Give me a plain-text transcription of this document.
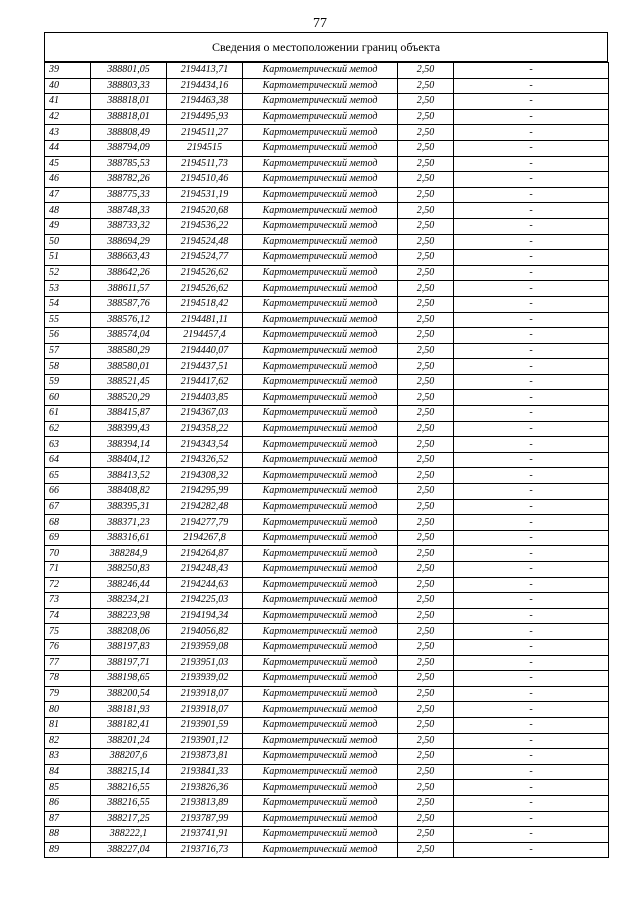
77
Сведения о местоположении границ объекта
39	388801,05	2194413,71	Картометрический метод	2,50	-
40	388803,33	2194434,16	Картометрический метод	2,50	-
41	388818,01	2194463,38	Картометрический метод	2,50	-
42	388818,01	2194495,93	Картометрический метод	2,50	-
43	388808,49	2194511,27	Картометрический метод	2,50	-
44	388794,09	2194515	Картометрический метод	2,50	-
45	388785,53	2194511,73	Картометрический метод	2,50	-
46	388782,26	2194510,46	Картометрический метод	2,50	-
47	388775,33	2194531,19	Картометрический метод	2,50	-
48	388748,33	2194520,68	Картометрический метод	2,50	-
49	388733,32	2194536,22	Картометрический метод	2,50	-
50	388694,29	2194524,48	Картометрический метод	2,50	-
51	388663,43	2194524,77	Картометрический метод	2,50	-
52	388642,26	2194526,62	Картометрический метод	2,50	-
53	388611,57	2194526,62	Картометрический метод	2,50	-
54	388587,76	2194518,42	Картометрический метод	2,50	-
55	388576,12	2194481,11	Картометрический метод	2,50	-
56	388574,04	2194457,4	Картометрический метод	2,50	-
57	388580,29	2194440,07	Картометрический метод	2,50	-
58	388580,01	2194437,51	Картометрический метод	2,50	-
59	388521,45	2194417,62	Картометрический метод	2,50	-
60	388520,29	2194403,85	Картометрический метод	2,50	-
61	388415,87	2194367,03	Картометрический метод	2,50	-
62	388399,43	2194358,22	Картометрический метод	2,50	-
63	388394,14	2194343,54	Картометрический метод	2,50	-
64	388404,12	2194326,52	Картометрический метод	2,50	-
65	388413,52	2194308,32	Картометрический метод	2,50	-
66	388408,82	2194295,99	Картометрический метод	2,50	-
67	388395,31	2194282,48	Картометрический метод	2,50	-
68	388371,23	2194277,79	Картометрический метод	2,50	-
69	388316,61	2194267,8	Картометрический метод	2,50	-
70	388284,9	2194264,87	Картометрический метод	2,50	-
71	388250,83	2194248,43	Картометрический метод	2,50	-
72	388246,44	2194244,63	Картометрический метод	2,50	-
73	388234,21	2194225,03	Картометрический метод	2,50	-
74	388223,98	2194194,34	Картометрический метод	2,50	-
75	388208,06	2194056,82	Картометрический метод	2,50	-
76	388197,83	2193959,08	Картометрический метод	2,50	-
77	388197,71	2193951,03	Картометрический метод	2,50	-
78	388198,65	2193939,02	Картометрический метод	2,50	-
79	388200,54	2193918,07	Картометрический метод	2,50	-
80	388181,93	2193918,07	Картометрический метод	2,50	-
81	388182,41	2193901,59	Картометрический метод	2,50	-
82	388201,24	2193901,12	Картометрический метод	2,50	-
83	388207,6	2193873,81	Картометрический метод	2,50	-
84	388215,14	2193841,33	Картометрический метод	2,50	-
85	388216,55	2193826,36	Картометрический метод	2,50	-
86	388216,55	2193813,89	Картометрический метод	2,50	-
87	388217,25	2193787,99	Картометрический метод	2,50	-
88	388222,1	2193741,91	Картометрический метод	2,50	-
89	388227,04	2193716,73	Картометрический метод	2,50	-
